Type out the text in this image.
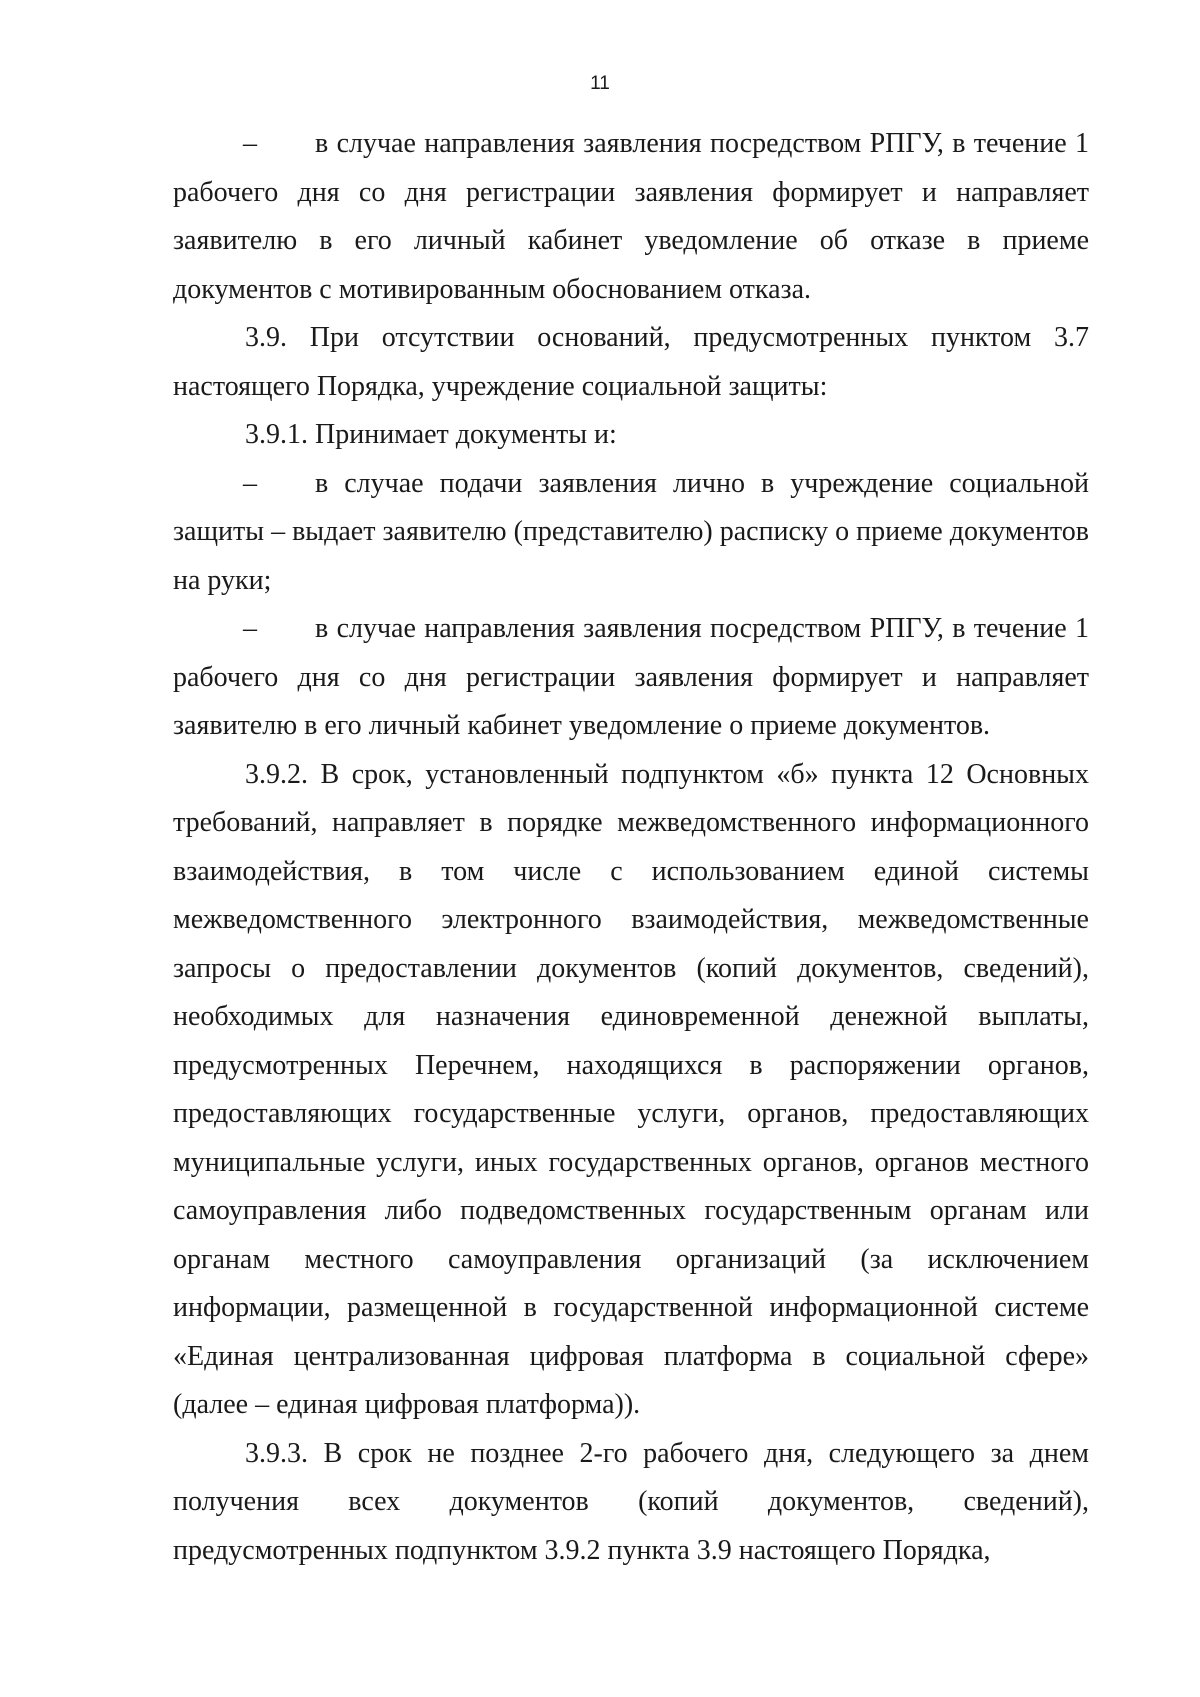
11

– в случае направления заявления посредством РПГУ, в течение 1 рабочего дня со дня регистрации заявления формирует и направляет заявителю в его личный кабинет уведомление об отказе в приеме документов с мотивированным обоснованием отказа.

3.9. При отсутствии оснований, предусмотренных пунктом 3.7 настоящего Порядка, учреждение социальной защиты:

3.9.1. Принимает документы и:

– в случае подачи заявления лично в учреждение социальной защиты – выдает заявителю (представителю) расписку о приеме документов на руки;

– в случае направления заявления посредством РПГУ, в течение 1 рабочего дня со дня регистрации заявления формирует и направляет заявителю в его личный кабинет уведомление о приеме документов.

3.9.2. В срок, установленный подпунктом «б» пункта 12 Основных требований, направляет в порядке межведомственного информационного взаимодействия, в том числе с использованием единой системы межведомственного электронного взаимодействия, межведомственные запросы о предоставлении документов (копий документов, сведений), необходимых для назначения единовременной денежной выплаты, предусмотренных Перечнем, находящихся в распоряжении органов, предоставляющих государственные услуги, органов, предоставляющих муниципальные услуги, иных государственных органов, органов местного самоуправления либо подведомственных государственным органам или органам местного самоуправления организаций (за исключением информации, размещенной в государственной информационной системе «Единая централизованная цифровая платформа в социальной сфере» (далее – единая цифровая платформа)).

3.9.3. В срок не позднее 2-го рабочего дня, следующего за днем получения всех документов (копий документов, сведений), предусмотренных подпунктом 3.9.2 пункта 3.9 настоящего Порядка,
